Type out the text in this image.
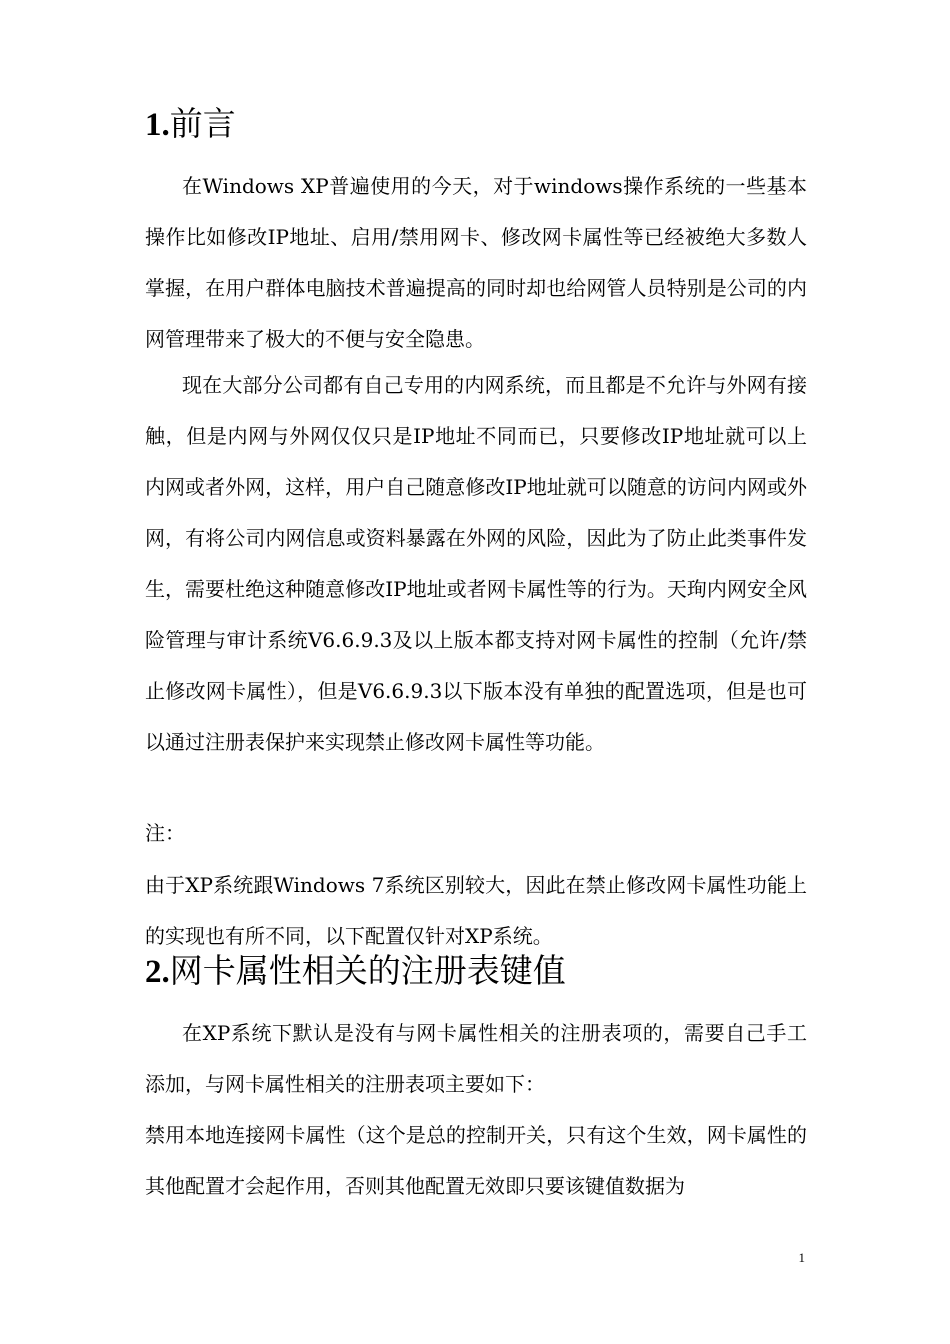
1.前言

在Windows XP普遍使用的今天，对于windows操作系统的一些基本操作比如修改IP地址、启用/禁用网卡、修改网卡属性等已经被绝大多数人掌握，在用户群体电脑技术普遍提高的同时却也给网管人员特别是公司的内网管理带来了极大的不便与安全隐患。

现在大部分公司都有自己专用的内网系统，而且都是不允许与外网有接触，但是内网与外网仅仅只是IP地址不同而已，只要修改IP地址就可以上内网或者外网，这样，用户自己随意修改IP地址就可以随意的访问内网或外网，有将公司内网信息或资料暴露在外网的风险，因此为了防止此类事件发生，需要杜绝这种随意修改IP地址或者网卡属性等的行为。天珣内网安全风险管理与审计系统V6.6.9.3及以上版本都支持对网卡属性的控制（允许/禁止修改网卡属性），但是V6.6.9.3以下版本没有单独的配置选项，但是也可以通过注册表保护来实现禁止修改网卡属性等功能。

注：

由于XP系统跟Windows 7系统区别较大，因此在禁止修改网卡属性功能上的实现也有所不同，以下配置仅针对XP系统。

2.网卡属性相关的注册表键值

在XP系统下默认是没有与网卡属性相关的注册表项的，需要自己手工添加，与网卡属性相关的注册表项主要如下：

禁用本地连接网卡属性（这个是总的控制开关，只有这个生效，网卡属性的其他配置才会起作用，否则其他配置无效即只要该键值数据为

1
